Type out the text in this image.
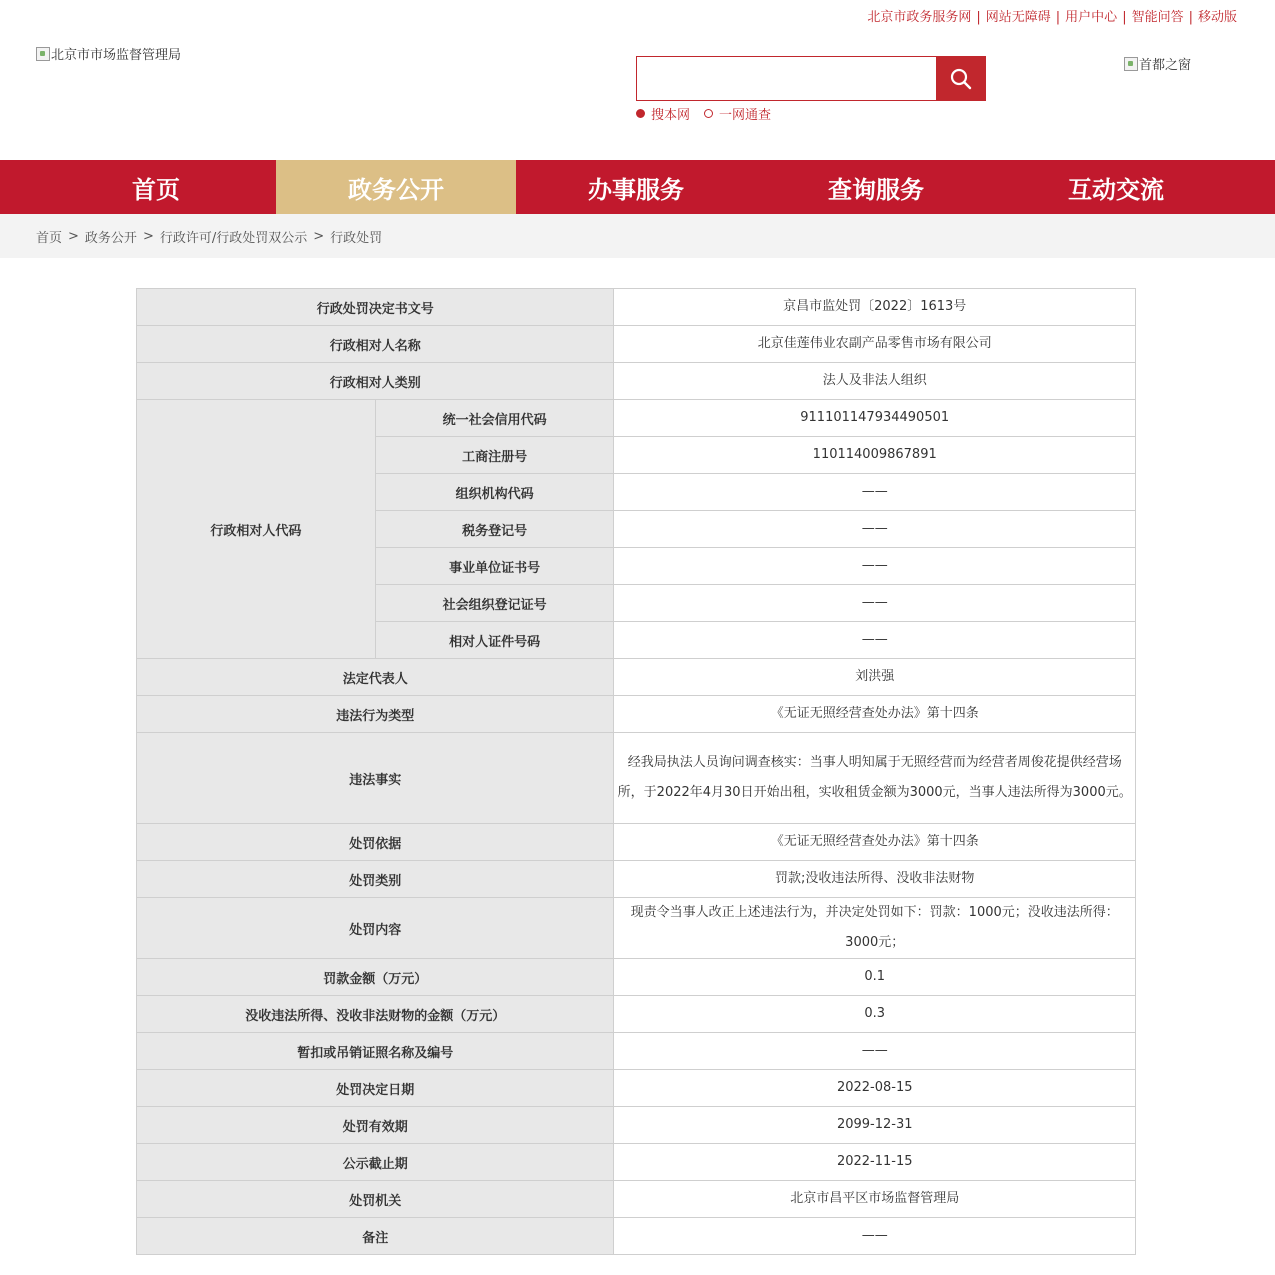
北京市政务服务网 | 网站无障碍 | 用户中心 | 智能问答 | 移动版
北京市市场监督管理局
搜本网 一网通查
首都之窗
首页	政务公开	办事服务	查询服务	互动交流
首页 > 政务公开 > 行政许可/行政处罚双公示 > 行政处罚
行政处罚决定书文号		京昌市监处罚〔2022〕1613号
行政相对人名称		北京佳莲伟业农副产品零售市场有限公司
行政相对人类别		法人及非法人组织
行政相对人代码	统一社会信用代码	911101147934490501
	工商注册号	110114009867891
	组织机构代码	——
	税务登记号	——
	事业单位证书号	——
	社会组织登记证号	——
	相对人证件号码	——
法定代表人		刘洪强
违法行为类型		《无证无照经营查处办法》第十四条
违法事实		经我局执法人员询问调查核实：当事人明知属于无照经营而为经营者周俊花提供经营场所，于2022年4月30日开始出租，实收租赁金额为3000元，当事人违法所得为3000元。
处罚依据		《无证无照经营查处办法》第十四条
处罚类别		罚款;没收违法所得、没收非法财物
处罚内容		现责令当事人改正上述违法行为，并决定处罚如下：罚款：1000元；没收违法所得：3000元；
罚款金额（万元）		0.1
没收违法所得、没收非法财物的金额（万元）		0.3
暂扣或吊销证照名称及编号		——
处罚决定日期		2022-08-15
处罚有效期		2099-12-31
公示截止期		2022-11-15
处罚机关		北京市昌平区市场监督管理局
备注		——
